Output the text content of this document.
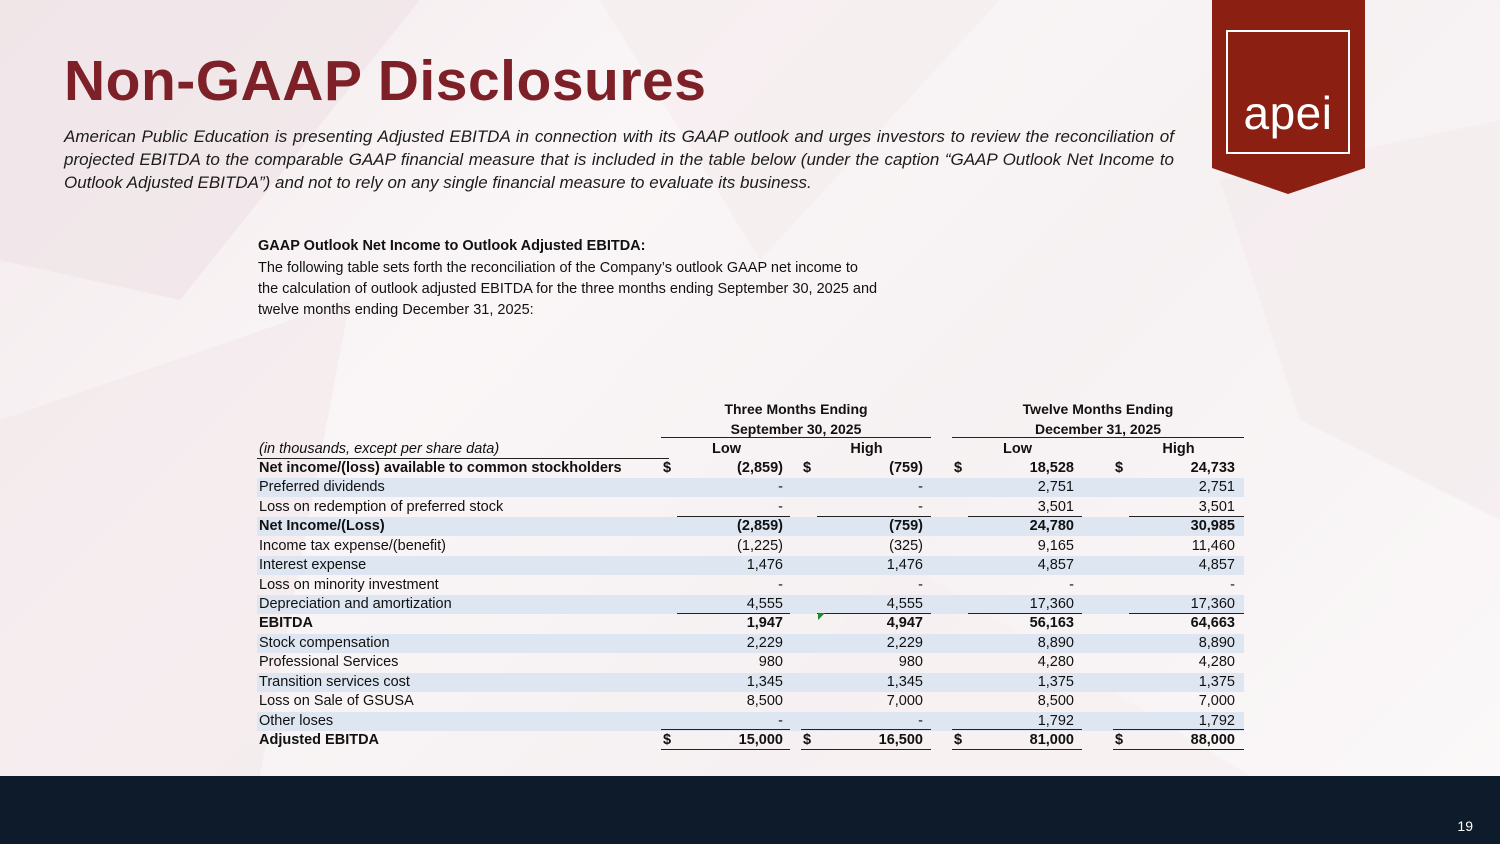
Non-GAAP Disclosures
American Public Education is presenting Adjusted EBITDA in connection with its GAAP outlook and urges investors to review the reconciliation of projected EBITDA to the comparable GAAP financial measure that is included in the table below (under the caption “GAAP Outlook Net Income to Outlook Adjusted EBITDA”) and not to rely on any single financial measure to evaluate its business.
apei
GAAP Outlook Net Income to Outlook Adjusted EBITDA:
The following table sets forth the reconciliation of the Company’s outlook GAAP net income to
the calculation of outlook adjusted EBITDA for the three months ending September 30, 2025 and
twelve months ending December 31, 2025:
Three Months Ending
September 30, 2025
Twelve Months Ending
December 31, 2025
(in thousands, except per share data)	Low	High	Low	High
Net income/(loss) available to common stockholders	$	(2,859) $	(759) $	18,528	$	24,733
Preferred dividends	-	-	2,751	2,751
Loss on redemption of preferred stock	-	-	3,501	3,501
Net Income/(Loss)	(2,859)	(759)	24,780	30,985
Income tax expense/(benefit)	(1,225)	(325)	9,165	11,460
Interest expense	1,476	1,476	4,857	4,857
Loss on minority investment	-	-	-	-
Depreciation and amortization	4,555	4,555	17,360	17,360
EBITDA	1,947	4,947	56,163	64,663
Stock compensation	2,229	2,229	8,890	8,890
Professional Services	980	980	4,280	4,280
Transition services cost	1,345	1,345	1,375	1,375
Loss on Sale of GSUSA	8,500	7,000	8,500	7,000
Other loses	-	-	1,792	1,792
Adjusted EBITDA	$	15,000 $	16,500 $	81,000	$	88,000
19
